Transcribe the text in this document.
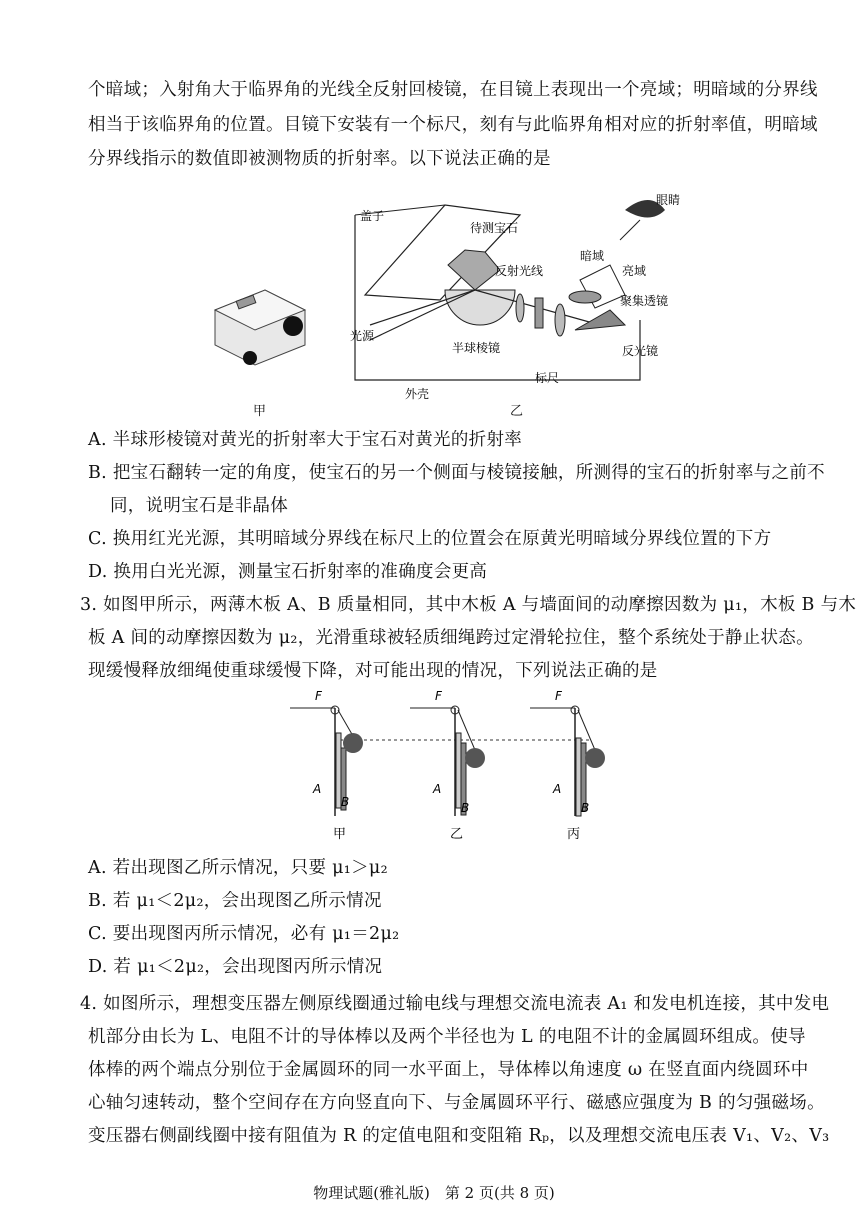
个暗域；入射角大于临界角的光线全反射回棱镜，在目镜上表现出一个亮域；明暗域的分界线
相当于该临界角的位置。目镜下安装有一个标尺，刻有与此临界角相对应的折射率值，明暗域
分界线指示的数值即被测物质的折射率。以下说法正确的是
甲
盖子
待测宝石
眼睛
反射光线
暗域
亮域
聚集透镜
光源
半球棱镜	反光镜
标尺
外壳
乙
A. 半球形棱镜对黄光的折射率大于宝石对黄光的折射率
B. 把宝石翻转一定的角度，使宝石的另一个侧面与棱镜接触，所测得的宝石的折射率与之前不
同，说明宝石是非晶体
C. 换用红光光源，其明暗域分界线在标尺上的位置会在原黄光明暗域分界线位置的下方
D. 换用白光光源，测量宝石折射率的准确度会更高
3. 如图甲所示，两薄木板 A、B 质量相同，其中木板 A 与墙面间的动摩擦因数为 μ₁，木板 B 与木
板 A 间的动摩擦因数为 μ₂，光滑重球被轻质细绳跨过定滑轮拉住，整个系统处于静止状态。
现缓慢释放细绳使重球缓慢下降，对可能出现的情况，下列说法正确的是
F
A
B
F
A
B
F
A
B
甲	乙	丙
A. 若出现图乙所示情况，只要 μ₁＞μ₂
B. 若 μ₁＜2μ₂，会出现图乙所示情况
C. 要出现图丙所示情况，必有 μ₁＝2μ₂
D. 若 μ₁＜2μ₂，会出现图丙所示情况
4. 如图所示，理想变压器左侧原线圈通过输电线与理想交流电流表 A₁ 和发电机连接，其中发电
机部分由长为 L、电阻不计的导体棒以及两个半径也为 L 的电阻不计的金属圆环组成。使导
体棒的两个端点分别位于金属圆环的同一水平面上，导体棒以角速度 ω 在竖直面内绕圆环中
心轴匀速转动，整个空间存在方向竖直向下、与金属圆环平行、磁感应强度为 B 的匀强磁场。
变压器右侧副线圈中接有阻值为 R 的定值电阻和变阻箱 Rₚ，以及理想交流电压表 V₁、V₂、V₃
物理试题(雅礼版)　第 2 页(共 8 页)
